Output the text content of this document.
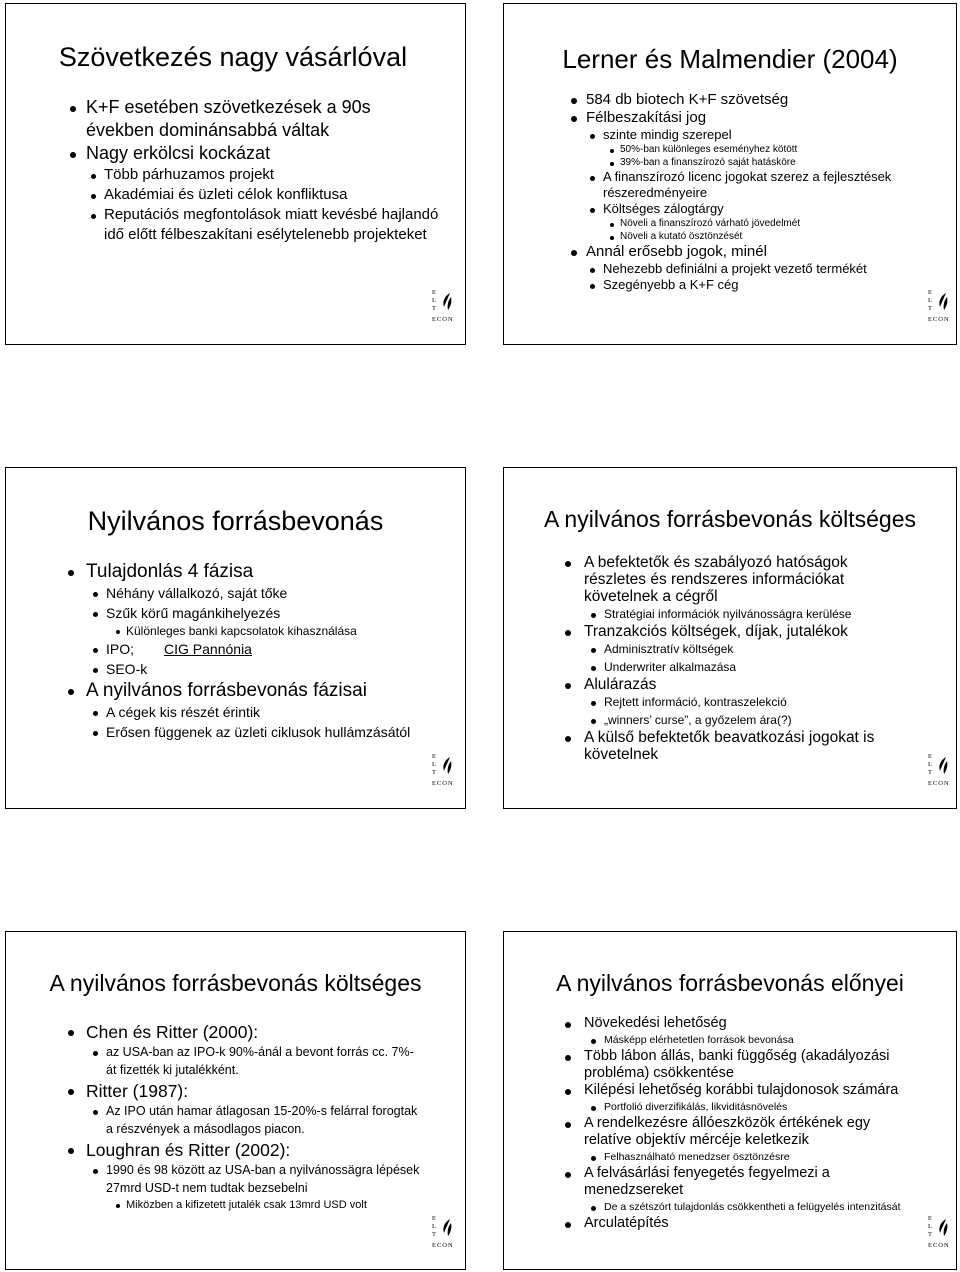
Szövetkezés nagy vásárlóval
K+F esetében szövetkezések a 90s
években dominánsabbá váltak
Nagy erkölcsi kockázat
Több párhuzamos projekt
Akadémiai és üzleti célok konfliktusa
Reputációs megfontolások miatt kevésbé hajlandó
idő előtt félbeszakítani esélytelenebb projekteket
E
L
T
ECON
Lerner és Malmendier (2004)
584 db biotech K+F szövetség
Félbeszakítási jog
szinte mindig szerepel
50%-ban különleges eseményhez kötött
39%-ban a finanszírozó saját hatásköre
A finanszírozó licenc jogokat szerez a fejlesztések
részeredményeire
Költséges zálogtárgy
Növeli a finanszírozó várható jövedelmét
Növeli a kutató ösztönzését
Annál erősebb jogok, minél
Nehezebb definiálni a projekt vezető termékét
Szegényebb a K+F cég
E
L
T
ECON
Nyilvános forrásbevonás
Tulajdonlás 4 fázisa
Néhány vállalkozó, saját tőke
Szűk körű magánkihelyezés
Különleges banki kapcsolatok kihasználása
IPO; CIG Pannónia
SEO-k
A nyilvános forrásbevonás fázisai
A cégek kis részét érintik
Erősen függenek az üzleti ciklusok hullámzásától
E
L
T
ECON
A nyilvános forrásbevonás költséges
A befektetők és szabályozó hatóságok
részletes és rendszeres információkat
követelnek a cégről
Stratégiai információk nyilvánosságra kerülése
Tranzakciós költségek, díjak, jutalékok
Adminisztratív költségek
Underwriter alkalmazása
Alulárazás
Rejtett információ, kontraszelekció
„winners’ curse”, a győzelem ára(?)
A külső befektetők beavatkozási jogokat is
követelnek	E
L
T
ECON
A nyilvános forrásbevonás költséges
Chen és Ritter (2000):
az USA-ban az IPO-k 90%-ánál a bevont forrás cc. 7%-
át fizették ki jutalékként.
Ritter (1987):
Az IPO után hamar átlagosan 15-20%-s felárral forogtak
a részvények a másodlagos piacon.
Loughran és Ritter (2002):
1990 és 98 között az USA-ban a nyilvánossägra lépések
27mrd USD-t nem tudtak bezsebelni
Miközben a kifizetett jutalék csak 13mrd USD volt
E
L
T
ECON
A nyilvános forrásbevonás előnyei
Növekedési lehetőség
Másképp elérhetetlen források bevonása
Több lábon állás, banki függőség (akadályozási
probléma) csökkentése
Kilépési lehetőség korábbi tulajdonosok számára
Portfolió diverzifikálás, likviditásnövelés
A rendelkezésre állóeszközök értékének egy
relatíve objektív mércéje keletkezik
Felhasználható menedzser ösztönzésre
A felvásárlási fenyegetés fegyelmezi a
menedzsereket
De a szétszórt tulajdonlás csökkentheti a felügyelés intenzitását
Arculatépítés	E
L
T
ECON
